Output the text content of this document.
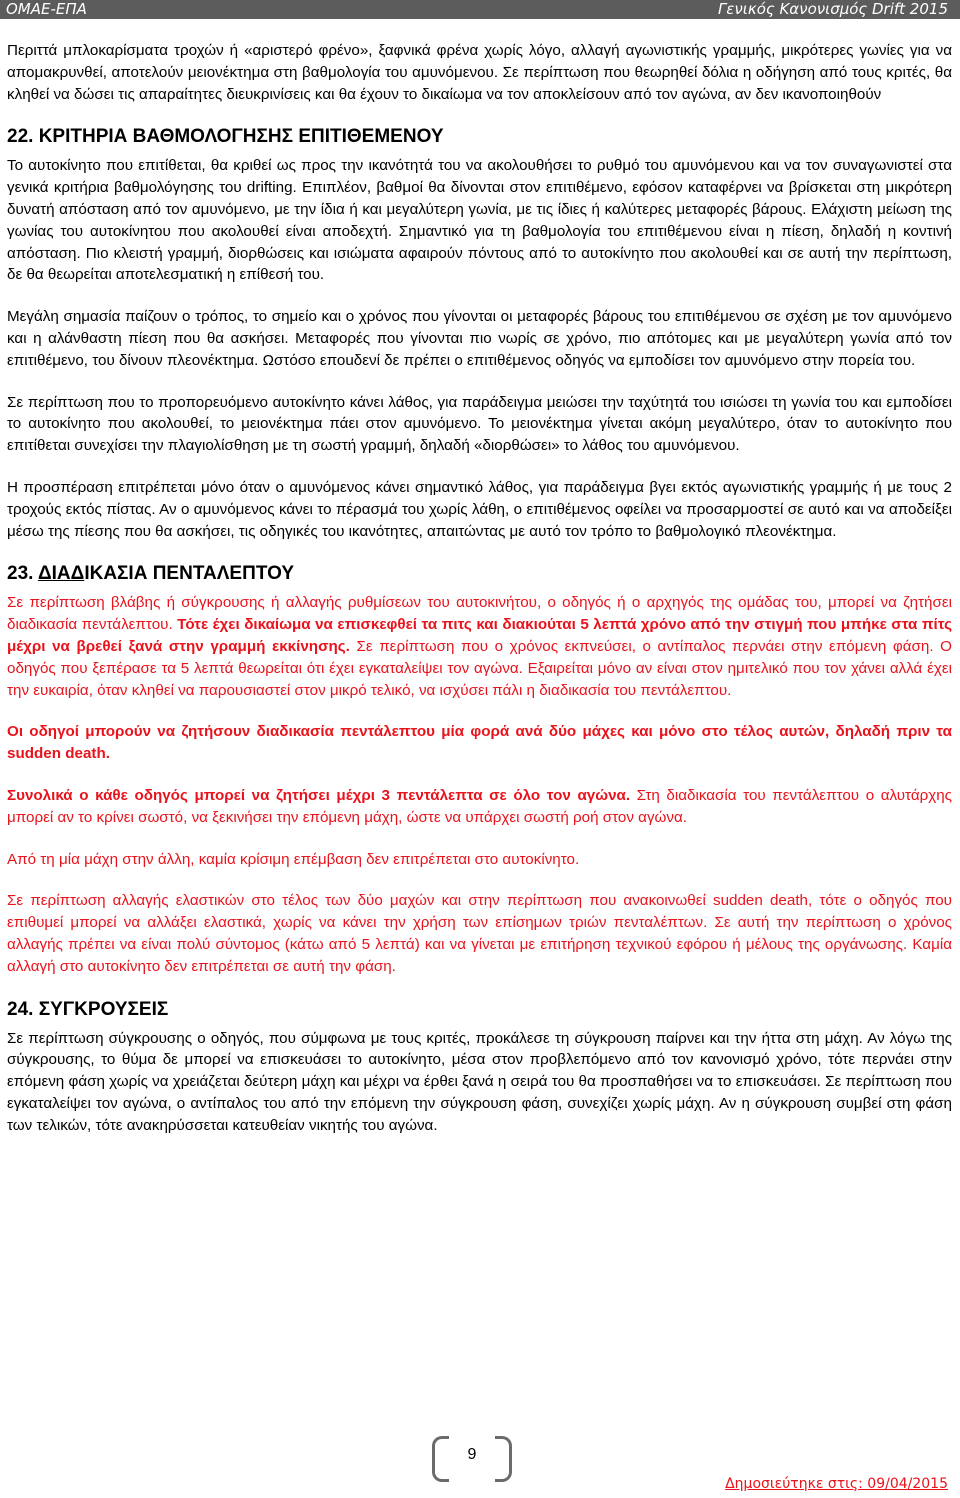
ΟΜΑΕ-ΕΠΑ	Γενικός Κανονισμός Drift 2015

Περιττά μπλοκαρίσματα τροχών ή «αριστερό φρένο», ξαφνικά φρένα χωρίς λόγο, αλλαγή αγωνιστικής γραμμής, μικρότερες γωνίες για να απομακρυνθεί, αποτελούν μειονέκτημα στη βαθμολογία του αμυνόμενου. Σε περίπτωση που θεωρηθεί δόλια η οδήγηση από τους κριτές, θα κληθεί να δώσει τις απαραίτητες διευκρινίσεις και θα έχουν το δικαίωμα να τον αποκλείσουν από τον αγώνα, αν δεν ικανοποιηθούν

22. ΚΡΙΤΗΡΙΑ ΒΑΘΜΟΛΟΓΗΣΗΣ ΕΠΙΤΙΘΕΜΕΝΟΥ

Το αυτοκίνητο που επιτίθεται, θα κριθεί ως προς την ικανότητά του να ακολουθήσει το ρυθμό του αμυνόμενου και να τον συναγωνιστεί στα γενικά κριτήρια βαθμολόγησης του drifting. Επιπλέον, βαθμοί θα δίνονται στον επιτιθέμενο, εφόσον καταφέρνει να βρίσκεται στη μικρότερη δυνατή απόσταση από τον αμυνόμενο, με την ίδια ή και μεγαλύτερη γωνία, με τις ίδιες ή καλύτερες μεταφορές βάρους. Ελάχιστη μείωση της γωνίας του αυτοκίνητου που ακολουθεί είναι αποδεχτή. Σημαντικό για τη βαθμολογία του επιτιθέμενου είναι η πίεση, δηλαδή η κοντινή απόσταση. Πιο κλειστή γραμμή, διορθώσεις και ισιώματα αφαιρούν πόντους από το αυτοκίνητο που ακολουθεί και σε αυτή την περίπτωση, δε θα θεωρείται αποτελεσματική η επίθεσή του.

Μεγάλη σημασία παίζουν ο τρόπος, το σημείο και ο χρόνος που γίνονται οι μεταφορές βάρους του επιτιθέμενου σε σχέση με τον αμυνόμενο και η αλάνθαστη πίεση που θα ασκήσει. Μεταφορές που γίνονται πιο νωρίς σε χρόνο, πιο απότομες και με μεγαλύτερη γωνία από τον επιτιθέμενο, του δίνουν πλεονέκτημα. Ωστόσο εποuδενί δε πρέπει ο επιτιθέμενος οδηγός να εμποδίσει τον αμυνόμενο στην πορεία του.

Σε περίπτωση που το προπορευόμενο αυτοκίνητο κάνει λάθος, για παράδειγμα μειώσει την ταχύτητά του ισιώσει τη γωνία του και εμποδίσει το αυτοκίνητο που ακολουθεί, το μειονέκτημα πάει στον αμυνόμενο. Το μειονέκτημα γίνεται ακόμη μεγαλύτερο, όταν το αυτοκίνητο που επιτίθεται συνεχίσει την πλαγιολίσθηση με τη σωστή γραμμή, δηλαδή «διορθώσει» το λάθος του αμυνόμενου.

Η προσπέραση επιτρέπεται μόνο όταν ο αμυνόμενος κάνει σημαντικό λάθος, για παράδειγμα βγει εκτός αγωνιστικής γραμμής ή με τους 2 τροχούς εκτός πίστας. Αν ο αμυνόμενος κάνει το πέρασμά του χωρίς λάθη, ο επιτιθέμενος οφείλει να προσαρμοστεί σε αυτό και να αποδείξει μέσω της πίεσης που θα ασκήσει, τις οδηγικές του ικανότητες, απαιτώντας με αυτό τον τρόπο το βαθμολογικό πλεονέκτημα.

23. ΔΙΑΔΙΚΑΣΙΑ ΠΕΝΤΑΛΕΠΤΟΥ

Σε περίπτωση βλάβης ή σύγκρουσης ή αλλαγής ρυθμίσεων του αυτοκινήτου, ο οδηγός ή ο αρχηγός της ομάδας του, μπορεί να ζητήσει διαδικασία πεντάλεπτου. Τότε έχει δικαίωμα να επισκεφθεί τα πιτς και διακιούται 5 λεπτά χρόνο από την στιγμή που μπήκε στα πίτς μέχρι να βρεθεί ξανά στην γραμμή εκκίνησης. Σε περίπτωση που ο χρόνος εκπνεύσει, ο αντίπαλος περνάει στην επόμενη φάση. Ο οδηγός που ξεπέρασε τα 5 λεπτά θεωρείται ότι έχει εγκαταλείψει τον αγώνα. Εξαιρείται μόνο αν είναι στον ημιτελικό που τον χάνει αλλά έχει την ευκαιρία, όταν κληθεί να παρουσιαστεί στον μικρό τελικό, να ισχύσει πάλι η διαδικασία του πεντάλεπτου.

Οι οδηγοί μπορούν να ζητήσουν διαδικασία πεντάλεπτου μία φορά ανά δύο μάχες και μόνο στο τέλος αυτών, δηλαδή πριν τα sudden death.

Συνολικά ο κάθε οδηγός μπορεί να ζητήσει μέχρι 3 πεντάλεπτα σε όλο τον αγώνα. Στη διαδικασία του πεντάλεπτου ο αλυτάρχης μπορεί αν το κρίνει σωστό, να ξεκινήσει την επόμενη μάχη, ώστε να υπάρχει σωστή ροή στον αγώνα.

Από τη μία μάχη στην άλλη, καμία κρίσιμη επέμβαση δεν επιτρέπεται στο αυτοκίνητο.

Σε περίπτωση αλλαγής ελαστικών στο τέλος των δύο μαχών και στην περίπτωση που ανακοινωθεί sudden death, τότε ο οδηγός που επιθυμεί μπορεί να αλλάξει ελαστικά, χωρίς να κάνει την χρήση των επίσημων τριών πενταλέπτων. Σε αυτή την περίπτωση ο χρόνος αλλαγής πρέπει να είναι πολύ σύντομος (κάτω από 5 λεπτά) και να γίνεται με επιτήρηση τεχνικού εφόρου ή μέλους της οργάνωσης. Καμία αλλαγή στο αυτοκίνητο δεν επιτρέπεται σε αυτή την φάση.

24. ΣΥΓΚΡΟΥΣΕΙΣ

Σε περίπτωση σύγκρουσης ο οδηγός, που σύμφωνα με τους κριτές, προκάλεσε τη σύγκρουση παίρνει και την ήττα στη μάχη. Αν λόγω της σύγκρουσης, το θύμα δε μπορεί να επισκευάσει το αυτοκίνητο, μέσα στον προβλεπόμενο από τον κανονισμό χρόνο, τότε περνάει στην επόμενη φάση χωρίς να χρειάζεται δεύτερη μάχη και μέχρι να έρθει ξανά η σειρά του θα προσπαθήσει να το επισκευάσει. Σε περίπτωση που εγκαταλείψει τον αγώνα, ο αντίπαλος του από την επόμενη την σύγκρουση φάση, συνεχίζει χωρίς μάχη. Αν η σύγκρουση συμβεί στη φάση των τελικών, τότε ανακηρύσσεται κατευθείαν νικητής του αγώνα.

9
Δημοσιεύτηκε στις: 09/04/2015
